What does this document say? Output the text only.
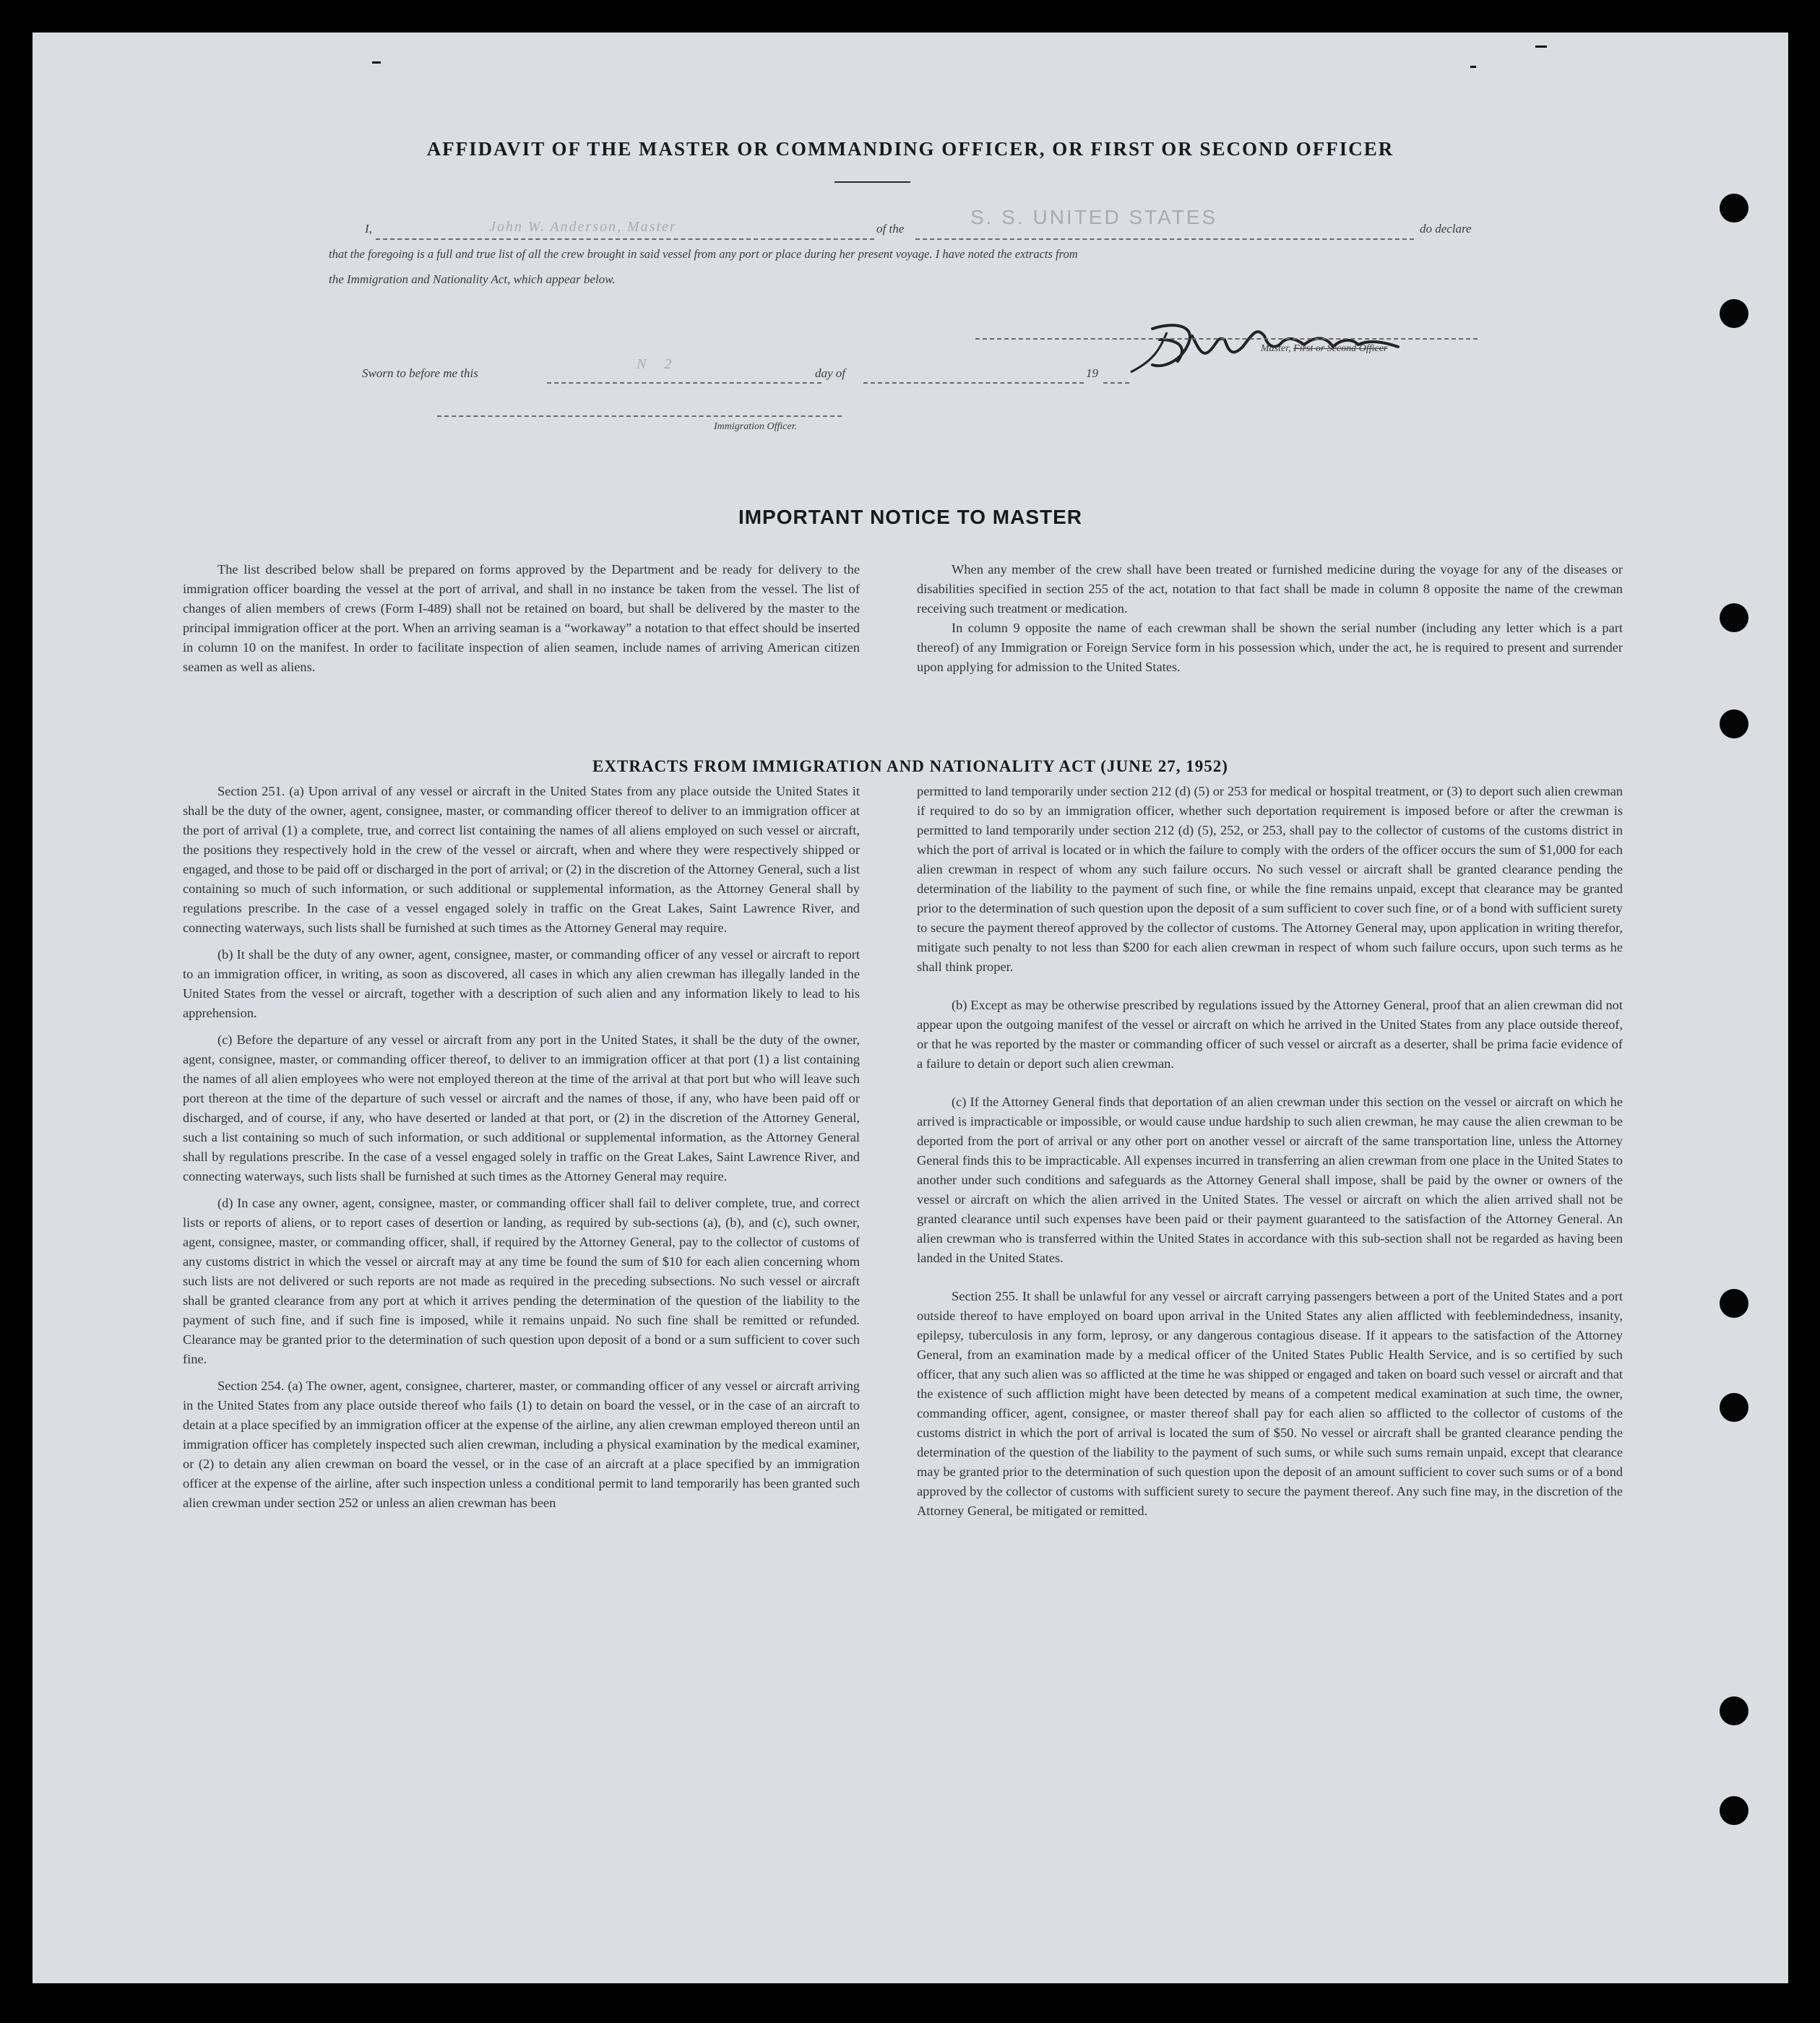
AFFIDAVIT OF THE MASTER OR COMMANDING OFFICER, OR FIRST OR SECOND OFFICER
I,	John W. Anderson, Master	of the
S. S. UNITED STATES
do declare
that the foregoing is a full and true list of all the crew brought in said vessel from any port or place during her present voyage. I have noted the extracts from
the Immigration and Nationality Act, which appear below.
Master, First or Second Officer
Sworn to before me this
N 2
day of	19
Immigration Officer.
IMPORTANT NOTICE TO MASTER

The list described below shall be prepared on forms approved by the Department and be ready for delivery to the immigration officer boarding the vessel at the port of arrival, and shall in no instance be taken from the vessel. The list of changes of alien members of crews (Form I-489) shall not be retained on board, but shall be delivered by the master to the principal immigration officer at the port. When an arriving seaman is a “workaway” a notation to that effect should be inserted in column 10 on the manifest. In order to facilitate inspection of alien seamen, include names of arriving American citizen seamen as well as aliens.

When any member of the crew shall have been treated or furnished medicine during the voyage for any of the diseases or disabilities specified in section 255 of the act, notation to that fact shall be made in column 8 opposite the name of the crewman receiving such treatment or medication.

In column 9 opposite the name of each crewman shall be shown the serial number (including any letter which is a part thereof) of any Immigration or Foreign Service form in his possession which, under the act, he is required to present and surrender upon applying for admission to the United States.

EXTRACTS FROM IMMIGRATION AND NATIONALITY ACT (JUNE 27, 1952)

Section 251. (a) Upon arrival of any vessel or aircraft in the United States from any place outside the United States it shall be the duty of the owner, agent, consignee, master, or commanding officer thereof to deliver to an immigration officer at the port of arrival (1) a complete, true, and correct list containing the names of all aliens employed on such vessel or aircraft, the positions they respectively hold in the crew of the vessel or aircraft, when and where they were respectively shipped or engaged, and those to be paid off or discharged in the port of arrival; or (2) in the discretion of the Attorney General, such a list containing so much of such information, or such additional or supplemental information, as the Attorney General shall by regulations prescribe. In the case of a vessel engaged solely in traffic on the Great Lakes, Saint Lawrence River, and connecting waterways, such lists shall be furnished at such times as the Attorney General may require.

(b) It shall be the duty of any owner, agent, consignee, master, or commanding officer of any vessel or aircraft to report to an immigration officer, in writing, as soon as discovered, all cases in which any alien crewman has illegally landed in the United States from the vessel or aircraft, together with a description of such alien and any information likely to lead to his apprehension.

(c) Before the departure of any vessel or aircraft from any port in the United States, it shall be the duty of the owner, agent, consignee, master, or commanding officer thereof, to deliver to an immigration officer at that port (1) a list containing the names of all alien employees who were not employed thereon at the time of the arrival at that port but who will leave such port thereon at the time of the departure of such vessel or aircraft and the names of those, if any, who have been paid off or discharged, and of course, if any, who have deserted or landed at that port, or (2) in the discretion of the Attorney General, such a list containing so much of such information, or such additional or supplemental information, as the Attorney General shall by regulations prescribe. In the case of a vessel engaged solely in traffic on the Great Lakes, Saint Lawrence River, and connecting waterways, such lists shall be furnished at such times as the Attorney General may require.

(d) In case any owner, agent, consignee, master, or commanding officer shall fail to deliver complete, true, and correct lists or reports of aliens, or to report cases of desertion or landing, as required by sub-sections (a), (b), and (c), such owner, agent, consignee, master, or commanding officer, shall, if required by the Attorney General, pay to the collector of customs of any customs district in which the vessel or aircraft may at any time be found the sum of $10 for each alien concerning whom such lists are not delivered or such reports are not made as required in the preceding subsections. No such vessel or aircraft shall be granted clearance from any port at which it arrives pending the determination of the question of the liability to the payment of such fine, and if such fine is imposed, while it remains unpaid. No such fine shall be remitted or refunded. Clearance may be granted prior to the determination of such question upon deposit of a bond or a sum sufficient to cover such fine.

Section 254. (a) The owner, agent, consignee, charterer, master, or commanding officer of any vessel or aircraft arriving in the United States from any place outside thereof who fails (1) to detain on board the vessel, or in the case of an aircraft to detain at a place specified by an immigration officer at the expense of the airline, any alien crewman employed thereon until an immigration officer has completely inspected such alien crewman, including a physical examination by the medical examiner, or (2) to detain any alien crewman on board the vessel, or in the case of an aircraft at a place specified by an immigration officer at the expense of the airline, after such inspection unless a conditional permit to land temporarily has been granted such alien crewman under section 252 or unless an alien crewman has been

permitted to land temporarily under section 212 (d) (5) or 253 for medical or hospital treatment, or (3) to deport such alien crewman if required to do so by an immigration officer, whether such deportation requirement is imposed before or after the crewman is permitted to land temporarily under section 212 (d) (5), 252, or 253, shall pay to the collector of customs of the customs district in which the port of arrival is located or in which the failure to comply with the orders of the officer occurs the sum of $1,000 for each alien crewman in respect of whom any such failure occurs. No such vessel or aircraft shall be granted clearance pending the determination of the liability to the payment of such fine, or while the fine remains unpaid, except that clearance may be granted prior to the determination of such question upon the deposit of a sum sufficient to cover such fine, or of a bond with sufficient surety to secure the payment thereof approved by the collector of customs. The Attorney General may, upon application in writing therefor, mitigate such penalty to not less than $200 for each alien crewman in respect of whom such failure occurs, upon such terms as he shall think proper.

(b) Except as may be otherwise prescribed by regulations issued by the Attorney General, proof that an alien crewman did not appear upon the outgoing manifest of the vessel or aircraft on which he arrived in the United States from any place outside thereof, or that he was reported by the master or commanding officer of such vessel or aircraft as a deserter, shall be prima facie evidence of a failure to detain or deport such alien crewman.

(c) If the Attorney General finds that deportation of an alien crewman under this section on the vessel or aircraft on which he arrived is impracticable or impossible, or would cause undue hardship to such alien crewman, he may cause the alien crewman to be deported from the port of arrival or any other port on another vessel or aircraft of the same transportation line, unless the Attorney General finds this to be impracticable. All expenses incurred in transferring an alien crewman from one place in the United States to another under such conditions and safeguards as the Attorney General shall impose, shall be paid by the owner or owners of the vessel or aircraft on which the alien arrived in the United States. The vessel or aircraft on which the alien arrived shall not be granted clearance until such expenses have been paid or their payment guaranteed to the satisfaction of the Attorney General. An alien crewman who is transferred within the United States in accordance with this sub-section shall not be regarded as having been landed in the United States.

Section 255. It shall be unlawful for any vessel or aircraft carrying passengers between a port of the United States and a port outside thereof to have employed on board upon arrival in the United States any alien afflicted with feeblemindedness, insanity, epilepsy, tuberculosis in any form, leprosy, or any dangerous contagious disease. If it appears to the satisfaction of the Attorney General, from an examination made by a medical officer of the United States Public Health Service, and is so certified by such officer, that any such alien was so afflicted at the time he was shipped or engaged and taken on board such vessel or aircraft and that the existence of such affliction might have been detected by means of a competent medical examination at such time, the owner, commanding officer, agent, consignee, or master thereof shall pay for each alien so afflicted to the collector of customs of the customs district in which the port of arrival is located the sum of $50. No vessel or aircraft shall be granted clearance pending the determination of the question of the liability to the payment of such sums, or while such sums remain unpaid, except that clearance may be granted prior to the determination of such question upon the deposit of an amount sufficient to cover such sums or of a bond approved by the collector of customs with sufficient surety to secure the payment thereof. Any such fine may, in the discretion of the Attorney General, be mitigated or remitted.
